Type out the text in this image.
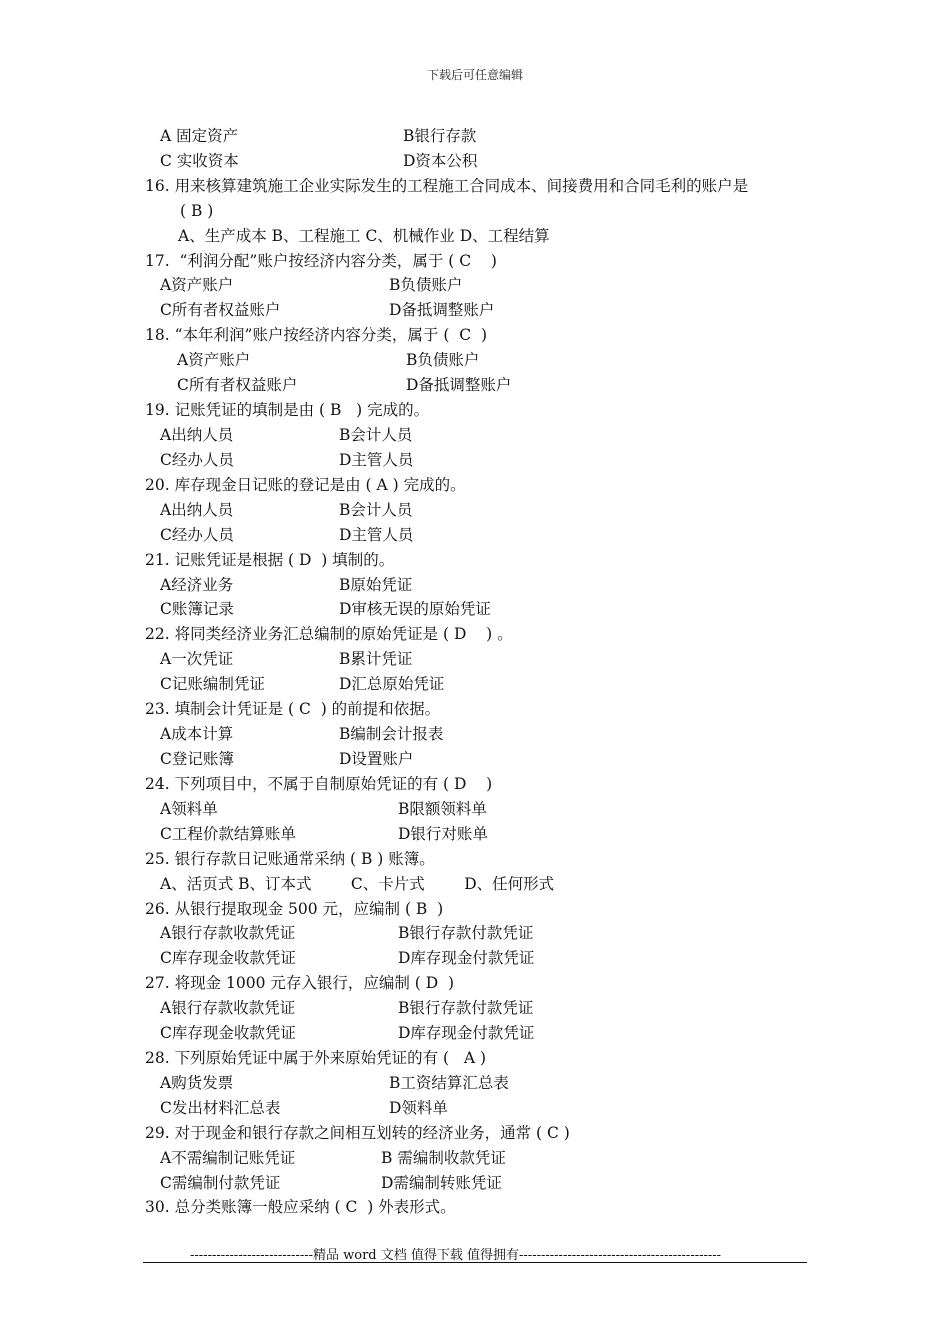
下载后可任意编辑
A 固定资产	B银行存款
C 实收资本	D资本公积
16. 用来核算建筑施工企业实际发生的工程施工合同成本、间接费用和合同毛利的账户是
( B )
A、生产成本 B、工程施工 C、机械作业 D、工程结算
17.  “利润分配”账户按经济内容分类，属于 ( C    )
A资产账户	B负债账户
C所有者权益账户	D备抵调整账户
18. “本年利润”账户按经济内容分类，属于 (  C  )
A资产账户	B负债账户
C所有者权益账户	D备抵调整账户
19. 记账凭证的填制是由 ( B   ) 完成的。
A出纳人员	B会计人员
C经办人员	D主管人员
20. 库存现金日记账的登记是由 ( A ) 完成的。
A出纳人员	B会计人员
C经办人员	D主管人员
21. 记账凭证是根据 ( D  ) 填制的。
A经济业务	B原始凭证
C账簿记录	D审核无误的原始凭证
22. 将同类经济业务汇总编制的原始凭证是 ( D    ) 。
A一次凭证	B累计凭证
C记账编制凭证	D汇总原始凭证
23. 填制会计凭证是 ( C  ) 的前提和依据。
A成本计算	B编制会计报表
C登记账簿	D设置账户
24. 下列项目中，不属于自制原始凭证的有 ( D    )
A领料单	B限额领料单
C工程价款结算账单	D银行对账单
25. 银行存款日记账通常采纳 ( B ) 账簿。
A、活页式 B、订本式        C、卡片式        D、任何形式
26. 从银行提取现金 500 元，应编制 ( B  )
A银行存款收款凭证	B银行存款付款凭证
C库存现金收款凭证	D库存现金付款凭证
27. 将现金 1000 元存入银行，应编制 ( D  )
A银行存款收款凭证	B银行存款付款凭证
C库存现金收款凭证	D库存现金付款凭证
28. 下列原始凭证中属于外来原始凭证的有 (   A )
A购货发票	B工资结算汇总表
C发出材料汇总表	D领料单
29. 对于现金和银行存款之间相互划转的经济业务，通常 ( C )
A不需编制记账凭证	B 需编制收款凭证
C需编制付款凭证	D需编制转账凭证
30. 总分类账簿一般应采纳 ( C  ) 外表形式。
----------------------------精品 word 文档 值得下载 值得拥有----------------------------------------------
